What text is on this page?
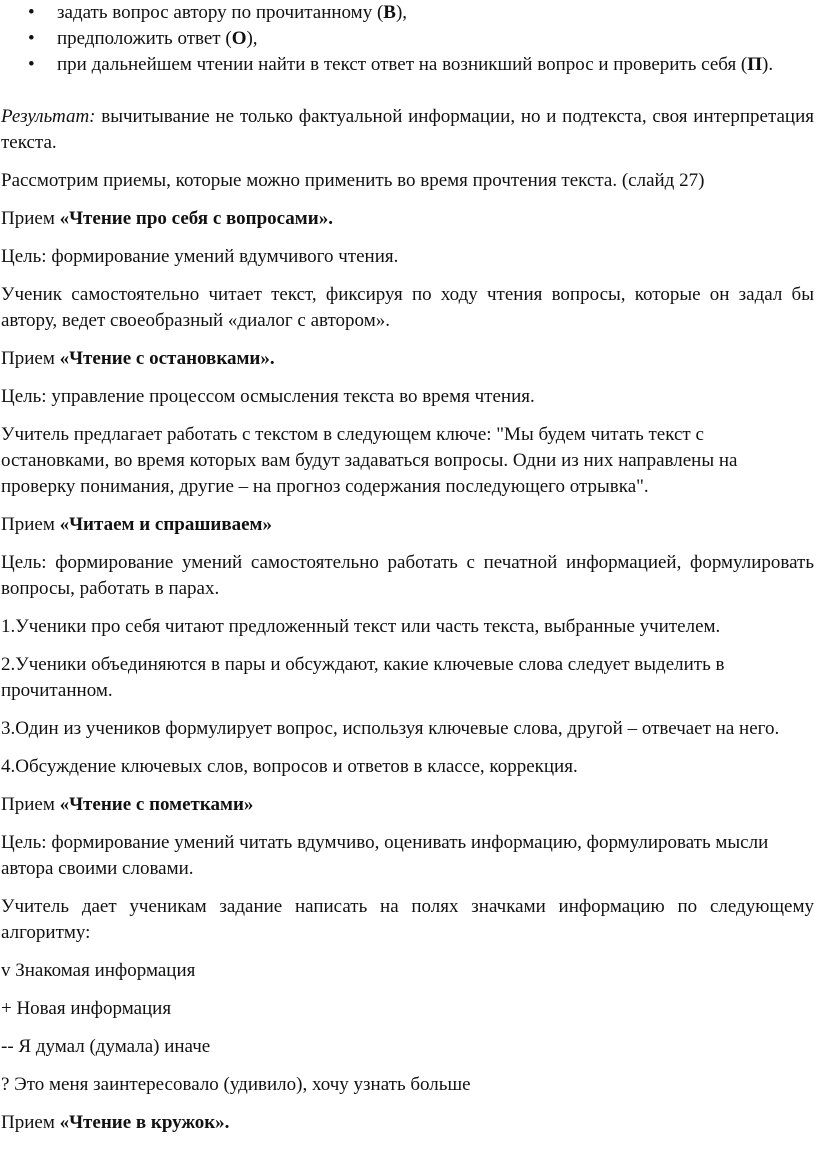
• задать вопрос автору по прочитанному (В),
• предположить ответ (О),
• при дальнейшем чтении найти в текст ответ на возникший вопрос и проверить себя (П).

Результат: вычитывание не только фактуальной информации, но и подтекста, своя интерпретация текста.

Рассмотрим приемы, которые можно применить во время прочтения текста. (слайд 27)

Прием «Чтение про себя с вопросами».

Цель: формирование умений вдумчивого чтения.

Ученик самостоятельно читает текст, фиксируя по ходу чтения вопросы, которые он задал бы автору, ведет своеобразный «диалог с автором».

Прием «Чтение с остановками».

Цель: управление процессом осмысления текста во время чтения.

Учитель предлагает работать с текстом в следующем ключе: "Мы будем читать текст с остановками, во время которых вам будут задаваться вопросы. Одни из них направлены на проверку понимания, другие – на прогноз содержания последующего отрывка".

Прием «Читаем и спрашиваем»

Цель: формирование умений самостоятельно работать с печатной информацией, формулировать вопросы, работать в парах.

1.Ученики про себя читают предложенный текст или часть текста, выбранные учителем.

2.Ученики объединяются в пары и обсуждают, какие ключевые слова следует выделить в прочитанном.

3.Один из учеников формулирует вопрос, используя ключевые слова, другой – отвечает на него.

4.Обсуждение ключевых слов, вопросов и ответов в классе, коррекция.

Прием «Чтение с пометками»

Цель: формирование умений читать вдумчиво, оценивать информацию, формулировать мысли автора своими словами.

Учитель дает ученикам задание написать на полях значками информацию по следующему алгоритму:

v Знакомая информация

+ Новая информация

-- Я думал (думала) иначе

? Это меня заинтересовало (удивило), хочу узнать больше

Прием «Чтение в кружок».
